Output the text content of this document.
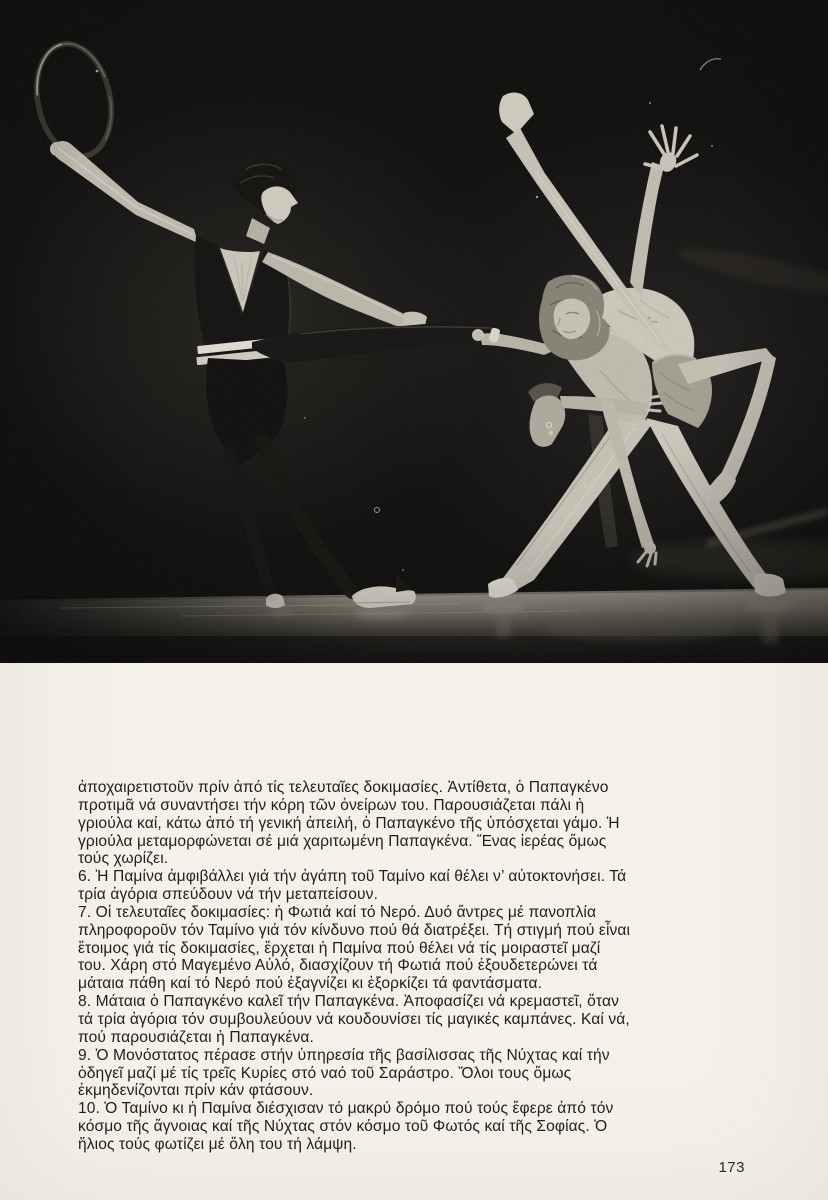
ἀποχαιρετιστοῦν πρίν ἀπό τίς τελευταῖες δοκιμασίες. Ἀντίθετα, ὁ Παπαγκένο
προτιμᾶ νά συναντήσει τήν κόρη τῶν ὀνείρων του. Παρουσιάζεται πάλι ἡ
γριούλα καί, κάτω ἀπό τή γενική ἀπειλή, ὁ Παπαγκένο τῆς ὑπόσχεται γάμο. Ἡ
γριούλα μεταμορφώνεται σέ μιά χαριτωμένη Παπαγκένα. Ἕνας ἱερέας ὅμως
τούς χωρίζει.
6. Ἡ Παμίνα ἀμφιβάλλει γιά τήν ἀγάπη τοῦ Ταμίνο καί θέλει ν’ αὐτοκτονήσει. Τά
τρία ἀγόρια σπεύδουν νά τήν μεταπείσουν.
7. Οἱ τελευταῖες δοκιμασίες: ἡ Φωτιά καί τό Νερό. Δυό ἄντρες μέ πανοπλία
πληροφοροῦν τόν Ταμίνο γιά τόν κίνδυνο πού θά διατρέξει. Τή στιγμή πού εἶναι
ἕτοιμος γιά τίς δοκιμασίες, ἔρχεται ἡ Παμίνα πού θέλει νά τίς μοιραστεῖ μαζί
του. Χάρη στό Μαγεμένο Αὐλό, διασχίζουν τή Φωτιά πού ἐξουδετερώνει τά
μάταια πάθη καί τό Νερό πού ἐξαγνίζει κι ἐξορκίζει τά φαντάσματα.
8. Μάταια ὁ Παπαγκένο καλεῖ τήν Παπαγκένα. Ἀποφασίζει νά κρεμαστεῖ, ὅταν
τά τρία ἀγόρια τόν συμβουλεύουν νά κουδουνίσει τίς μαγικές καμπάνες. Καί νά,
πού παρουσιάζεται ἡ Παπαγκένα.
9. Ὁ Μονόστατος πέρασε στήν ὑπηρεσία τῆς βασίλισσας τῆς Νύχτας καί τήν
ὁδηγεῖ μαζί μέ τίς τρεῖς Κυρίες στό ναό τοῦ Σαράστρο. Ὅλοι τους ὅμως
ἐκμηδενίζονται πρίν κάν φτάσουν.
10. Ὁ Ταμίνο κι ἡ Παμίνα διέσχισαν τό μακρύ δρόμο πού τούς ἔφερε ἀπό τόν
κόσμο τῆς ἄγνοιας καί τῆς Νύχτας στόν κόσμο τοῦ Φωτός καί τῆς Σοφίας. Ὁ
ἥλιος τούς φωτίζει μέ ὅλη του τή λάμψη.
173
